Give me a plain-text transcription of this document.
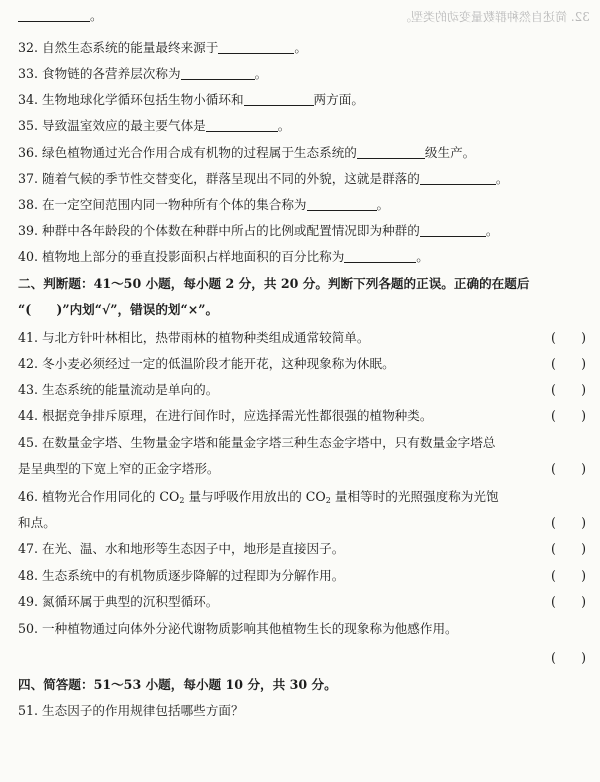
32. 简述自然种群数量变动的类型。
。
32. 自然生态系统的能量最终来源于	。
33. 食物链的各营养层次称为	。
34. 生物地球化学循环包括生物小循环和	两方面。
35. 导致温室效应的最主要气体是	。
36. 绿色植物通过光合作用合成有机物的过程属于生态系统的	级生产。
37. 随着气候的季节性交替变化，群落呈现出不同的外貌，这就是群落的	。
38. 在一定空间范围内同一物种所有个体的集合称为	。
39. 种群中各年龄段的个体数在种群中所占的比例或配置情况即为种群的	。
40. 植物地上部分的垂直投影面积占样地面积的百分比称为	。
二、判断题：41～50 小题，每小题 2 分，共 20 分。判断下列各题的正误。正确的在题后
“(　　)”内划“√”，错误的划“×”。
41. 与北方针叶林相比，热带雨林的植物种类组成通常较简单。	(　　)
42. 冬小麦必须经过一定的低温阶段才能开花，这种现象称为休眠。	(　　)
43. 生态系统的能量流动是单向的。	(　　)
44. 根据竞争排斥原理，在进行间作时，应选择需光性都很强的植物种类。	(　　)
45. 在数量金字塔、生物量金字塔和能量金字塔三种生态金字塔中，只有数量金字塔总
是呈典型的下宽上窄的正金字塔形。	(　　)
46. 植物光合作用同化的 $CO_2$ 量与呼吸作用放出的 $CO_2$ 量相等时的光照强度称为光饱
和点。	(　　)
47. 在光、温、水和地形等生态因子中，地形是直接因子。	(　　)
48. 生态系统中的有机物质逐步降解的过程即为分解作用。	(　　)
49. 氮循环属于典型的沉积型循环。	(　　)
50. 一种植物通过向体外分泌代谢物质影响其他植物生长的现象称为他感作用。
(　　)
四、简答题：51～53 小题，每小题 10 分，共 30 分。
51. 生态因子的作用规律包括哪些方面？
